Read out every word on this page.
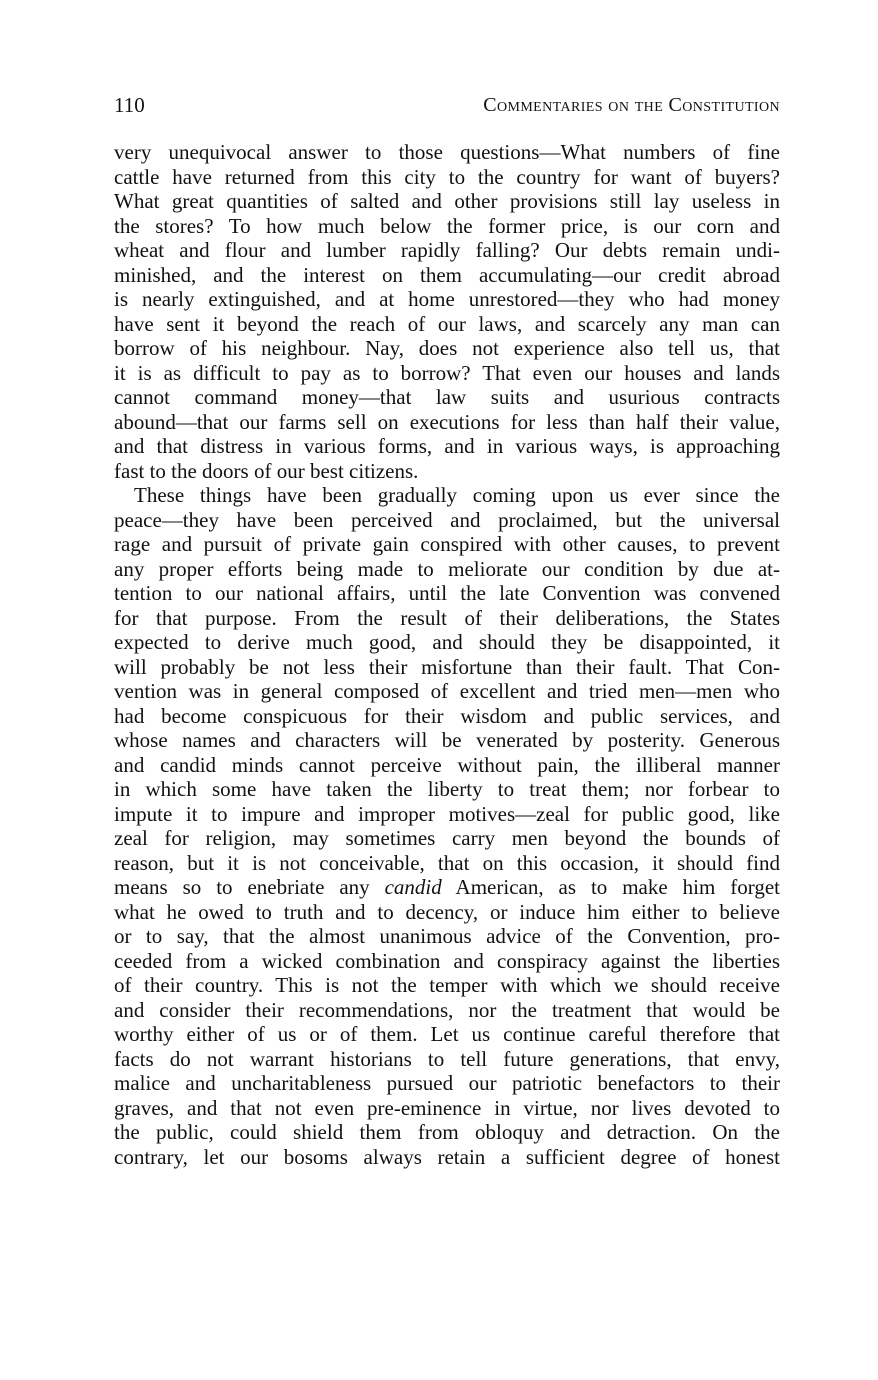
110	Commentaries on the Constitution
very unequivocal answer to those questions—What numbers of fine
cattle have returned from this city to the country for want of buyers?
What great quantities of salted and other provisions still lay useless in
the stores? To how much below the former price, is our corn and
wheat and flour and lumber rapidly falling? Our debts remain undi-
minished, and the interest on them accumulating—our credit abroad
is nearly extinguished, and at home unrestored—they who had money
have sent it beyond the reach of our laws, and scarcely any man can
borrow of his neighbour. Nay, does not experience also tell us, that
it is as difficult to pay as to borrow? That even our houses and lands
cannot command money—that law suits and usurious contracts
abound—that our farms sell on executions for less than half their value,
and that distress in various forms, and in various ways, is approaching
fast to the doors of our best citizens.
These things have been gradually coming upon us ever since the
peace—they have been perceived and proclaimed, but the universal
rage and pursuit of private gain conspired with other causes, to prevent
any proper efforts being made to meliorate our condition by due at-
tention to our national affairs, until the late Convention was convened
for that purpose. From the result of their deliberations, the States
expected to derive much good, and should they be disappointed, it
will probably be not less their misfortune than their fault. That Con-
vention was in general composed of excellent and tried men—men who
had become conspicuous for their wisdom and public services, and
whose names and characters will be venerated by posterity. Generous
and candid minds cannot perceive without pain, the illiberal manner
in which some have taken the liberty to treat them; nor forbear to
impute it to impure and improper motives—zeal for public good, like
zeal for religion, may sometimes carry men beyond the bounds of
reason, but it is not conceivable, that on this occasion, it should find
means so to enebriate any candid American, as to make him forget
what he owed to truth and to decency, or induce him either to believe
or to say, that the almost unanimous advice of the Convention, pro-
ceeded from a wicked combination and conspiracy against the liberties
of their country. This is not the temper with which we should receive
and consider their recommendations, nor the treatment that would be
worthy either of us or of them. Let us continue careful therefore that
facts do not warrant historians to tell future generations, that envy,
malice and uncharitableness pursued our patriotic benefactors to their
graves, and that not even pre-eminence in virtue, nor lives devoted to
the public, could shield them from obloquy and detraction. On the
contrary, let our bosoms always retain a sufficient degree of honest
